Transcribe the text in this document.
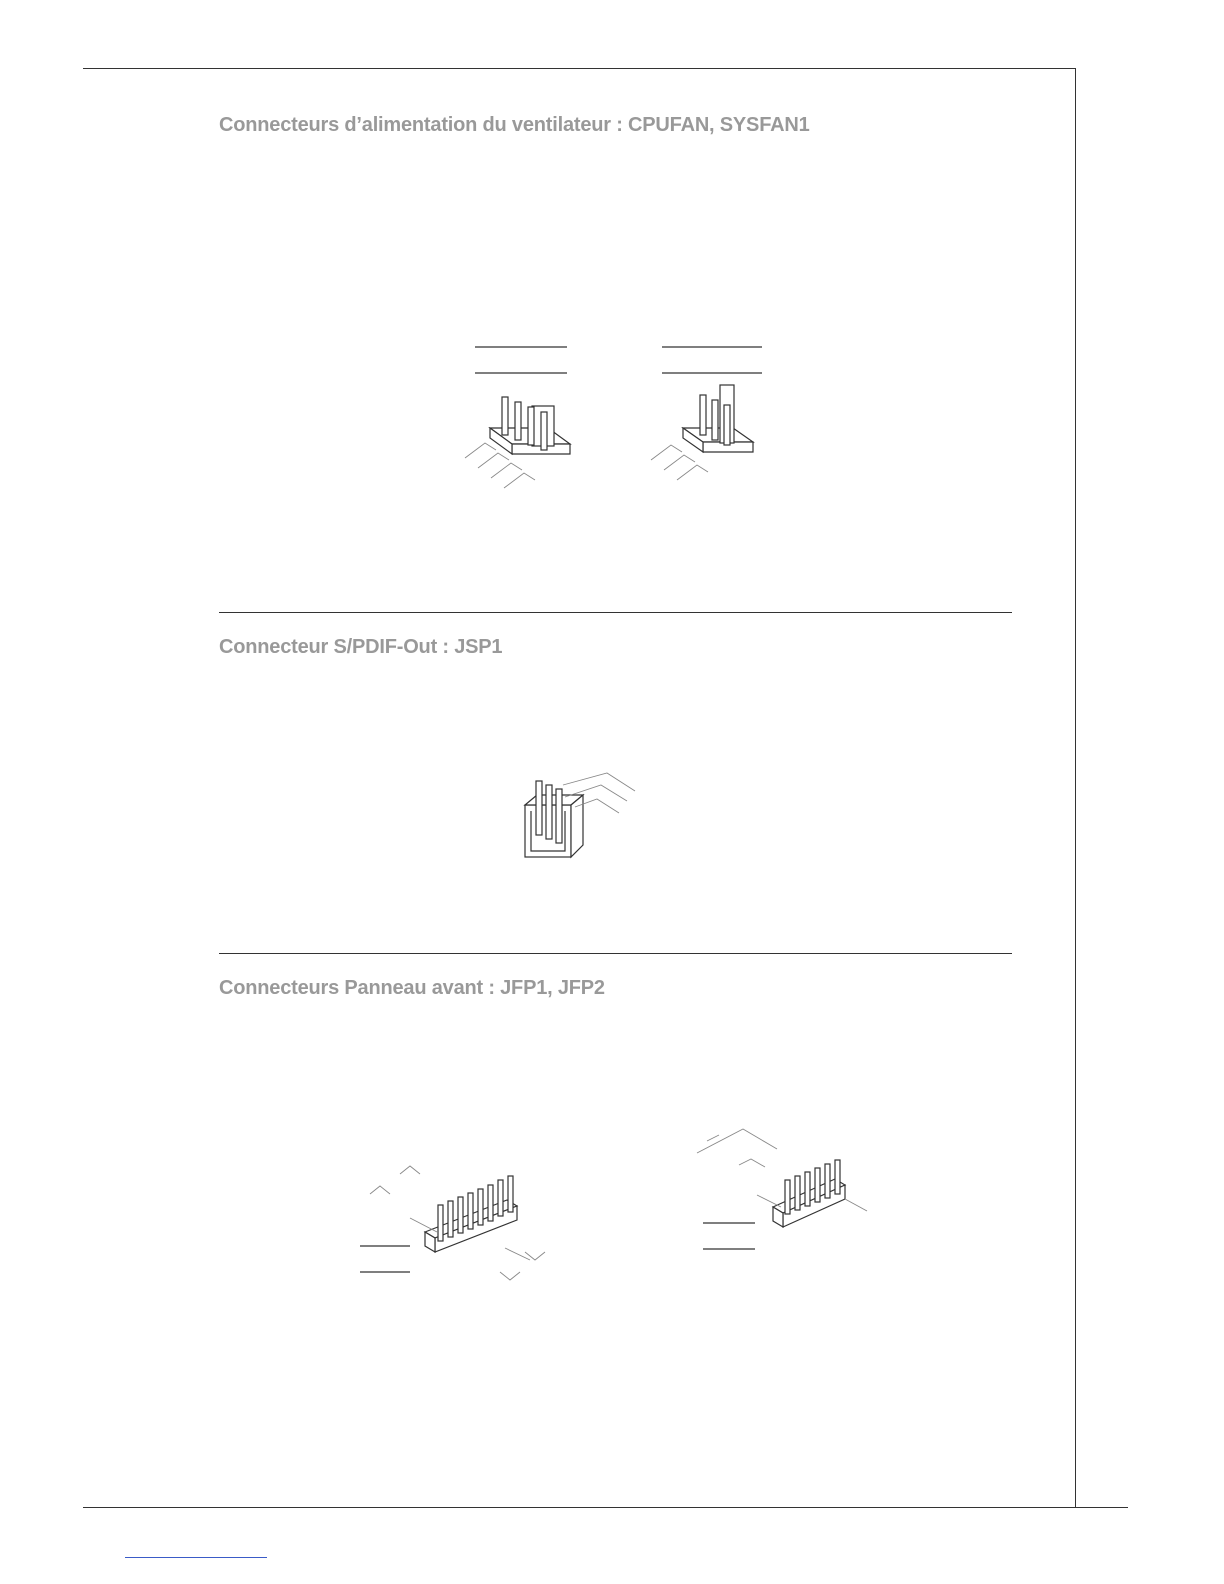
Connecteurs d’alimentation du ventilateur : CPUFAN, SYSFAN1
Connecteur S/PDIF-Out : JSP1
Connecteurs Panneau avant : JFP1, JFP2
